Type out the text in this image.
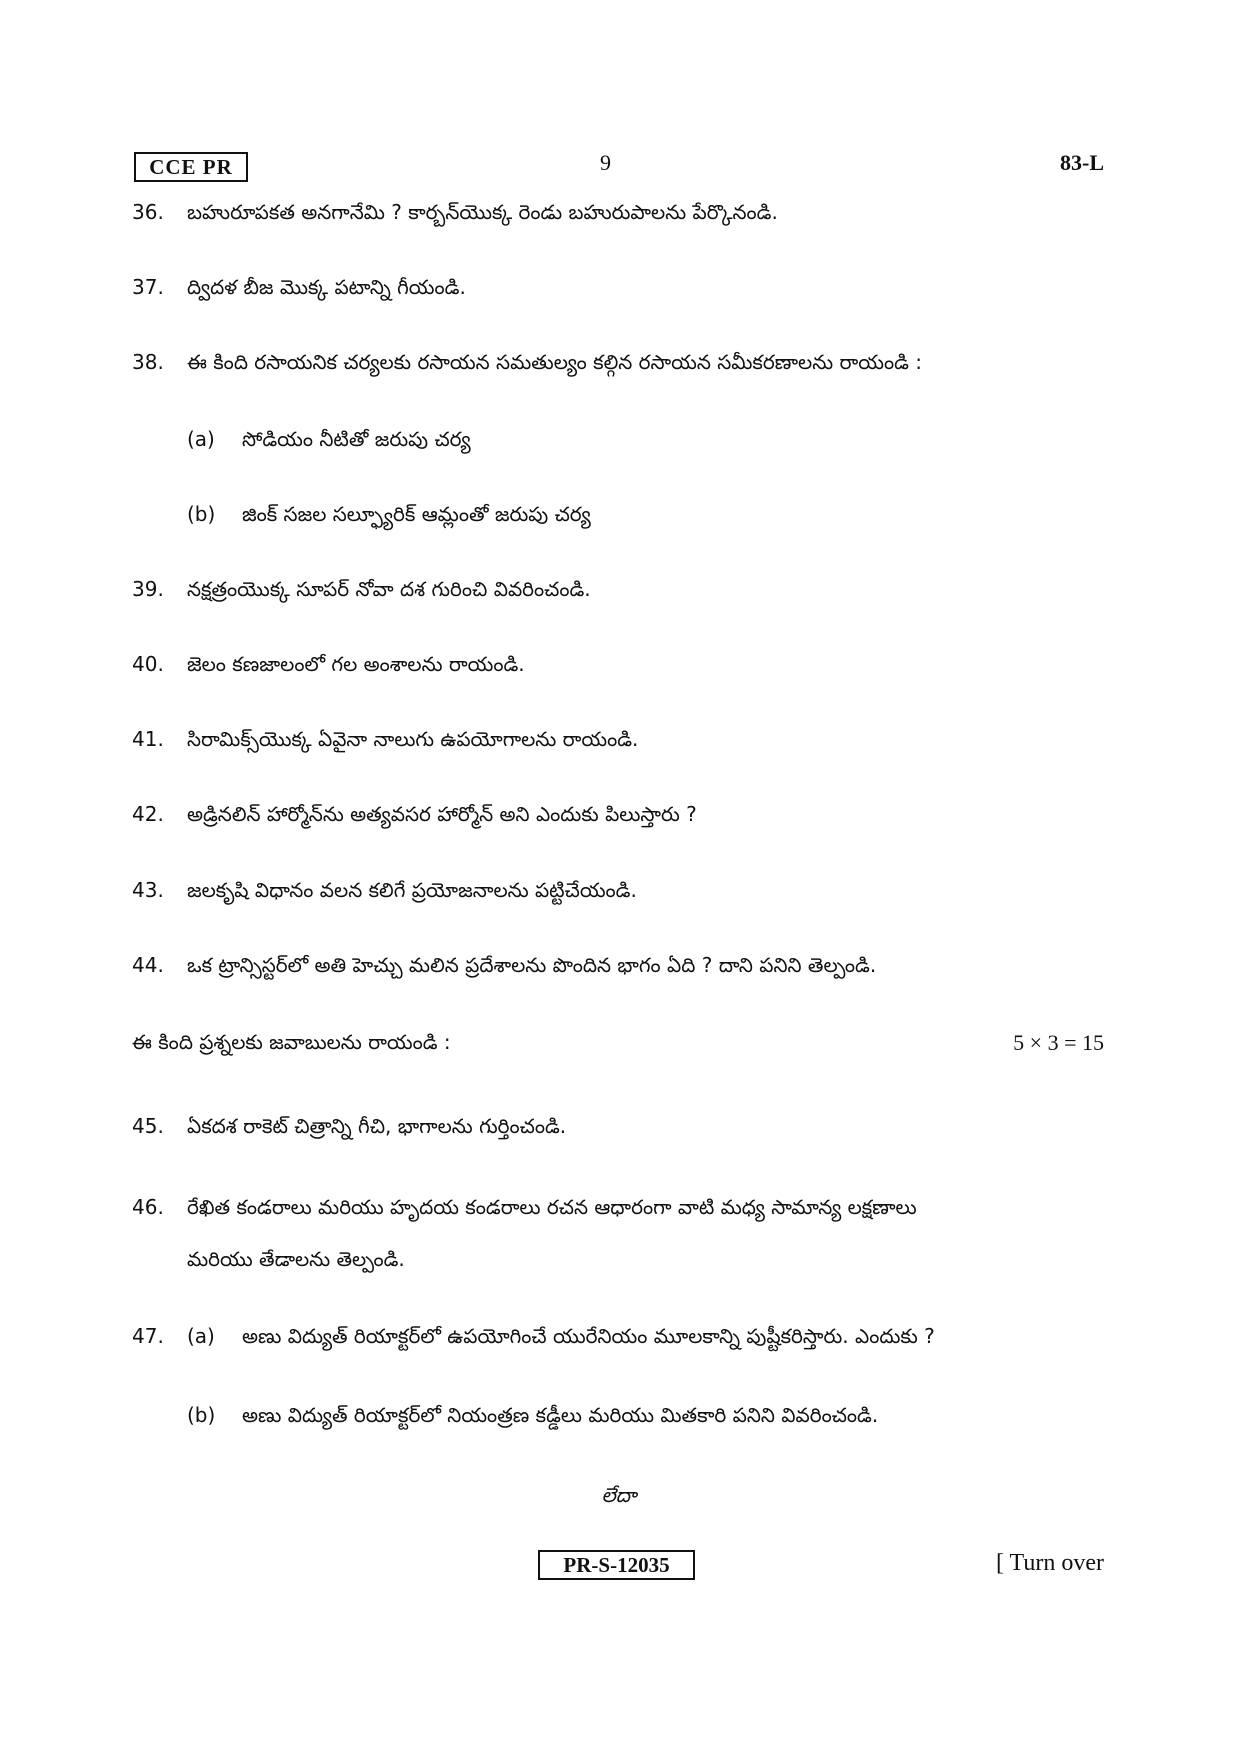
CCE PR	9	83-L
36. బహురూపకత అనగానేమి ? కార్బన్‌యొక్క రెండు బహురుపాలను పేర్కొనండి.
37. ద్విదళ బీజ మొక్క పటాన్ని గీయండి.
38. ఈ కింది రసాయనిక చర్యలకు రసాయన సమతుల్యం కల్గిన రసాయన సమీకరణాలను రాయండి :
(a) సోడియం నీటితో జరుపు చర్య
(b) జింక్ సజల సల్ఫ్యూరిక్ ఆమ్లంతో జరుపు చర్య
39. నక్షత్రంయొక్క సూపర్ నోవా దశ గురించి వివరించండి.
40. జెలం కణజాలంలో గల అంశాలను రాయండి.
41. సిరామిక్స్‌యొక్క ఏవైనా నాలుగు ఉపయోగాలను రాయండి.
42. అడ్రినలిన్ హార్మోన్‌ను అత్యవసర హార్మోన్ అని ఎందుకు పిలుస్తారు ?
43. జలకృషి విధానం వలన కలిగే ప్రయోజనాలను పట్టిచేయండి.
44. ఒక ట్రాన్సిస్టర్‌లో అతి హెచ్చు మలిన ప్రదేశాలను పొందిన భాగం ఏది ? దాని పనిని తెల్పండి.
ఈ కింది ప్రశ్నలకు జవాబులను రాయండి :	5 × 3 = 15
45. ఏకదశ రాకెట్ చిత్రాన్ని గీచి, భాగాలను గుర్తించండి.
46. రేఖిత కండరాలు మరియు హృదయ కండరాలు రచన ఆధారంగా వాటి మధ్య సామాన్య లక్షణాలు
మరియు తేడాలను తెల్పండి.
47. (a) అణు విద్యుత్ రియాక్టర్‌లో ఉపయోగించే యురేనియం మూలకాన్ని పుష్టీకరిస్తారు. ఎందుకు ?
(b) అణు విద్యుత్ రియాక్టర్‌లో నియంత్రణ కడ్డీలు మరియు మితకారి పనిని వివరించండి.
లేదా
PR-S-12035	[ Turn over
